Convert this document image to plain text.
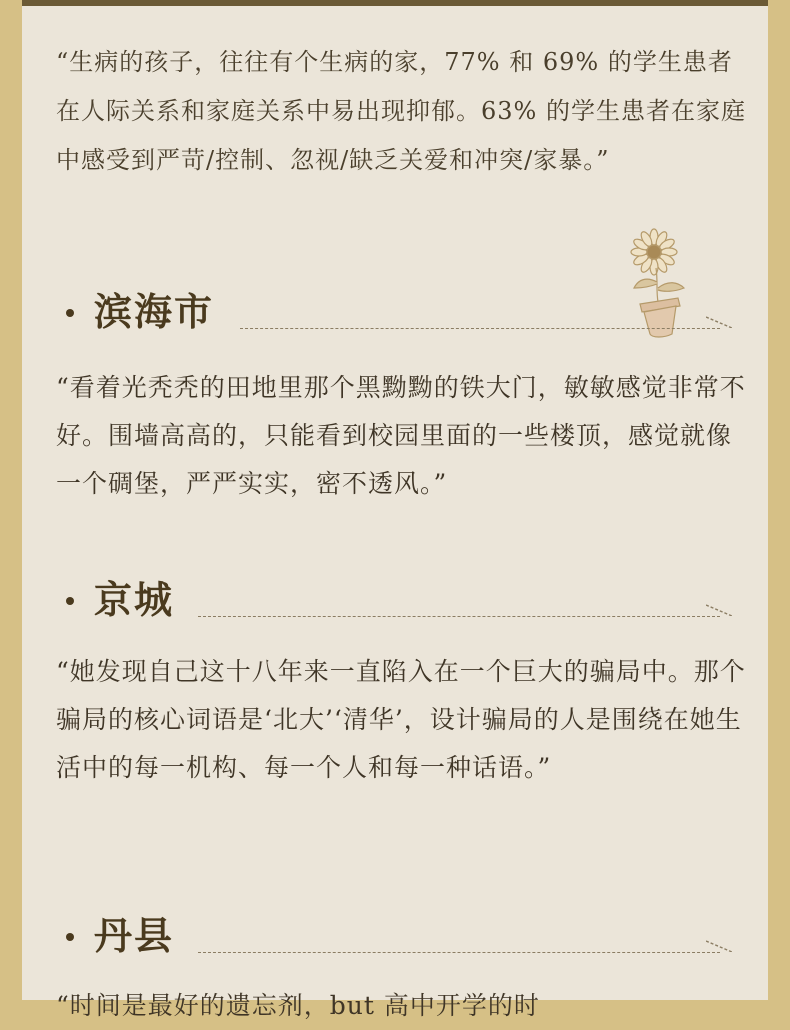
“生病的孩子，往往有个生病的家，77% 和 69% 的学生患者在人际关系和家庭关系中易出现抑郁。63% 的学生患者在家庭中感受到严苛/控制、忽视/缺乏关爱和冲突/家暴。”

滨海市

“看着光秃秃的田地里那个黑黝黝的铁大门，敏敏感觉非常不好。围墙高高的，只能看到校园里面的一些楼顶，感觉就像一个碉堡，严严实实，密不透风。”

京城

“她发现自己这十八年来一直陷入在一个巨大的骗局中。那个骗局的核心词语是‘北大’‘清华’，设计骗局的人是围绕在她生活中的每一机构、每一个人和每一种话语。”

丹县

“时间是最好的遗忘剂，but 高中开学的时
